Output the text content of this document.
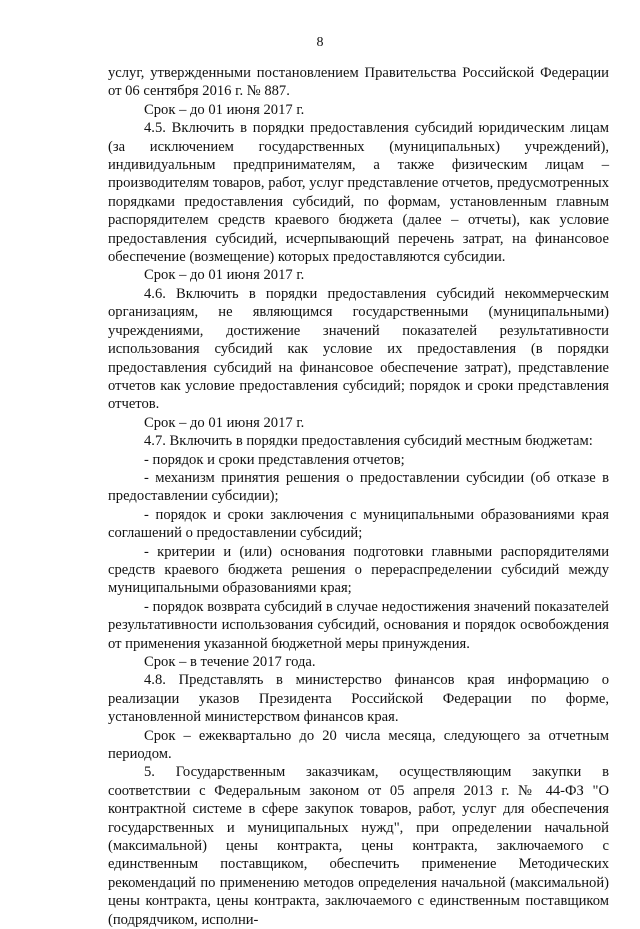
8

услуг, утвержденными постановлением Правительства Российской Федерации от 06 сентября 2016 г. № 887.

Срок – до 01 июня 2017 г.

4.5. Включить в порядки предоставления субсидий юридическим лицам (за исключением государственных (муниципальных) учреждений), индивидуальным предпринимателям, а также физическим лицам – производителям товаров, работ, услуг представление отчетов, предусмотренных порядками предоставления субсидий, по формам, установленным главным распорядителем средств краевого бюджета (далее – отчеты), как условие предоставления субсидий, исчерпывающий перечень затрат, на финансовое обеспечение (возмещение) которых предоставляются субсидии.

Срок – до 01 июня 2017 г.

4.6. Включить в порядки предоставления субсидий некоммерческим организациям, не являющимся государственными (муниципальными) учреждениями, достижение значений показателей результативности использования субсидий как условие их предоставления (в порядки предоставления субсидий на финансовое обеспечение затрат), представление отчетов как условие предоставления субсидий; порядок и сроки представления отчетов.

Срок – до 01 июня 2017 г.

4.7. Включить в порядки предоставления субсидий местным бюджетам:

- порядок и сроки представления отчетов;

- механизм принятия решения о предоставлении субсидии (об отказе в предоставлении субсидии);

- порядок и сроки заключения с муниципальными образованиями края соглашений о предоставлении субсидий;

- критерии и (или) основания подготовки главными распорядителями средств краевого бюджета решения о перераспределении субсидий между муниципальными образованиями края;

- порядок возврата субсидий в случае недостижения значений показателей результативности использования субсидий, основания и порядок освобождения от применения указанной бюджетной меры принуждения.

Срок – в течение 2017 года.

4.8. Представлять в министерство финансов края информацию о реализации указов Президента Российской Федерации по форме, установленной министерством финансов края.

Срок – ежеквартально до 20 числа месяца, следующего за отчетным периодом.

5. Государственным заказчикам, осуществляющим закупки в соответствии с Федеральным законом от 05 апреля 2013 г. № 44-ФЗ "О контрактной системе в сфере закупок товаров, работ, услуг для обеспечения государственных и муниципальных нужд", при определении начальной (максимальной) цены контракта, цены контракта, заключаемого с единственным поставщиком, обеспечить применение Методических рекомендаций по применению методов определения начальной (максимальной) цены контракта, цены контракта, заключаемого с единственным поставщиком (подрядчиком, исполни-
